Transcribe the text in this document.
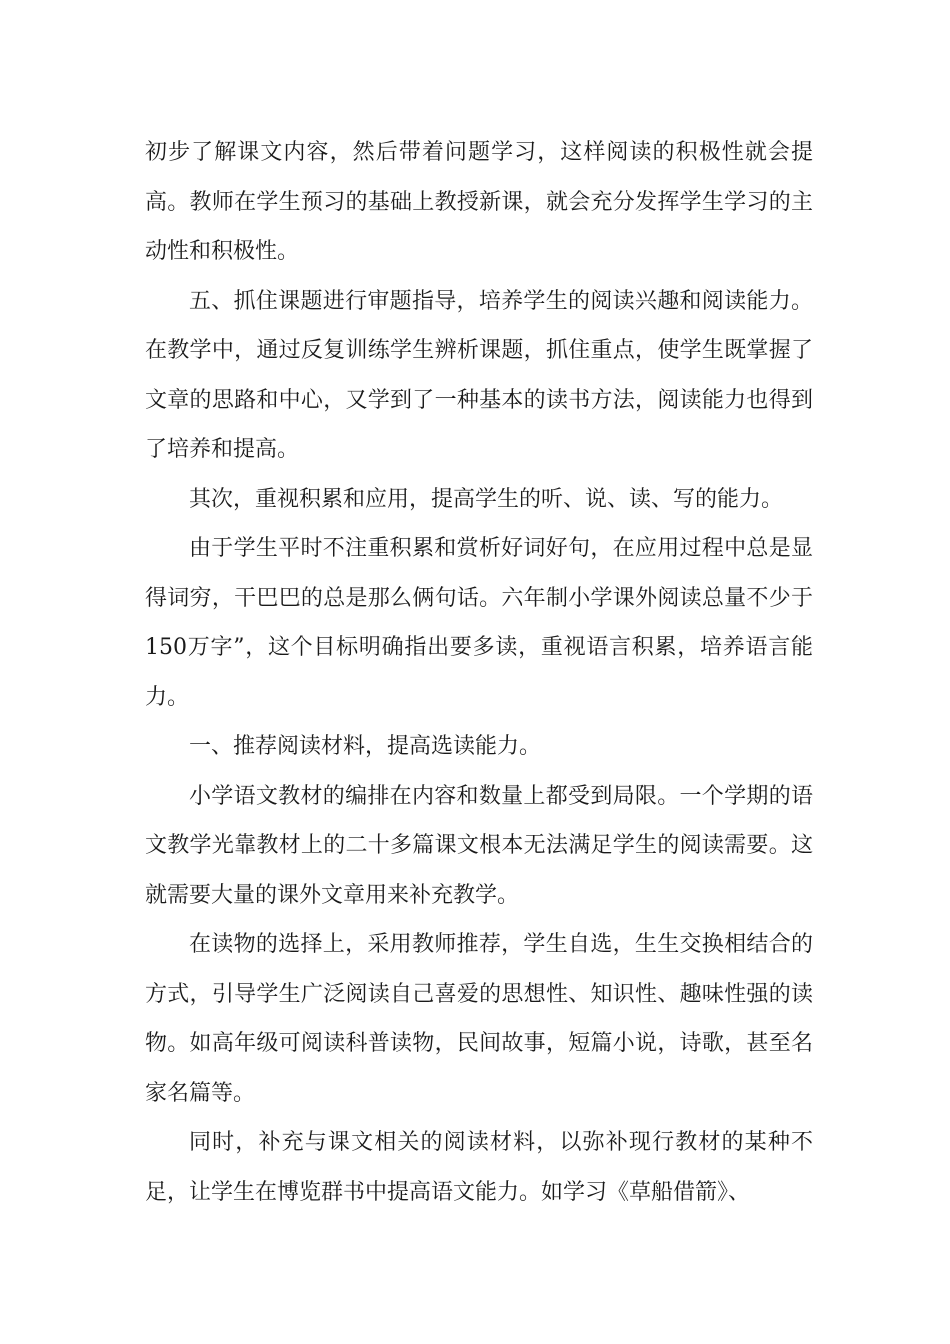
初步了解课文内容，然后带着问题学习，这样阅读的积极性就会提高。教师在学生预习的基础上教授新课，就会充分发挥学生学习的主动性和积极性。

五、抓住课题进行审题指导，培养学生的阅读兴趣和阅读能力。在教学中，通过反复训练学生辨析课题，抓住重点，使学生既掌握了文章的思路和中心，又学到了一种基本的读书方法，阅读能力也得到了培养和提高。

其次，重视积累和应用，提高学生的听、说、读、写的能力。

由于学生平时不注重积累和赏析好词好句，在应用过程中总是显得词穷，干巴巴的总是那么俩句话。六年制小学课外阅读总量不少于150万字”，这个目标明确指出要多读，重视语言积累，培养语言能力。

一、推荐阅读材料，提高选读能力。

小学语文教材的编排在内容和数量上都受到局限。一个学期的语文教学光靠教材上的二十多篇课文根本无法满足学生的阅读需要。这就需要大量的课外文章用来补充教学。

在读物的选择上，采用教师推荐，学生自选，生生交换相结合的方式，引导学生广泛阅读自己喜爱的思想性、知识性、趣味性强的读物。如高年级可阅读科普读物，民间故事，短篇小说，诗歌，甚至名家名篇等。

同时，补充与课文相关的阅读材料，以弥补现行教材的某种不足，让学生在博览群书中提高语文能力。如学习《草船借箭》、
